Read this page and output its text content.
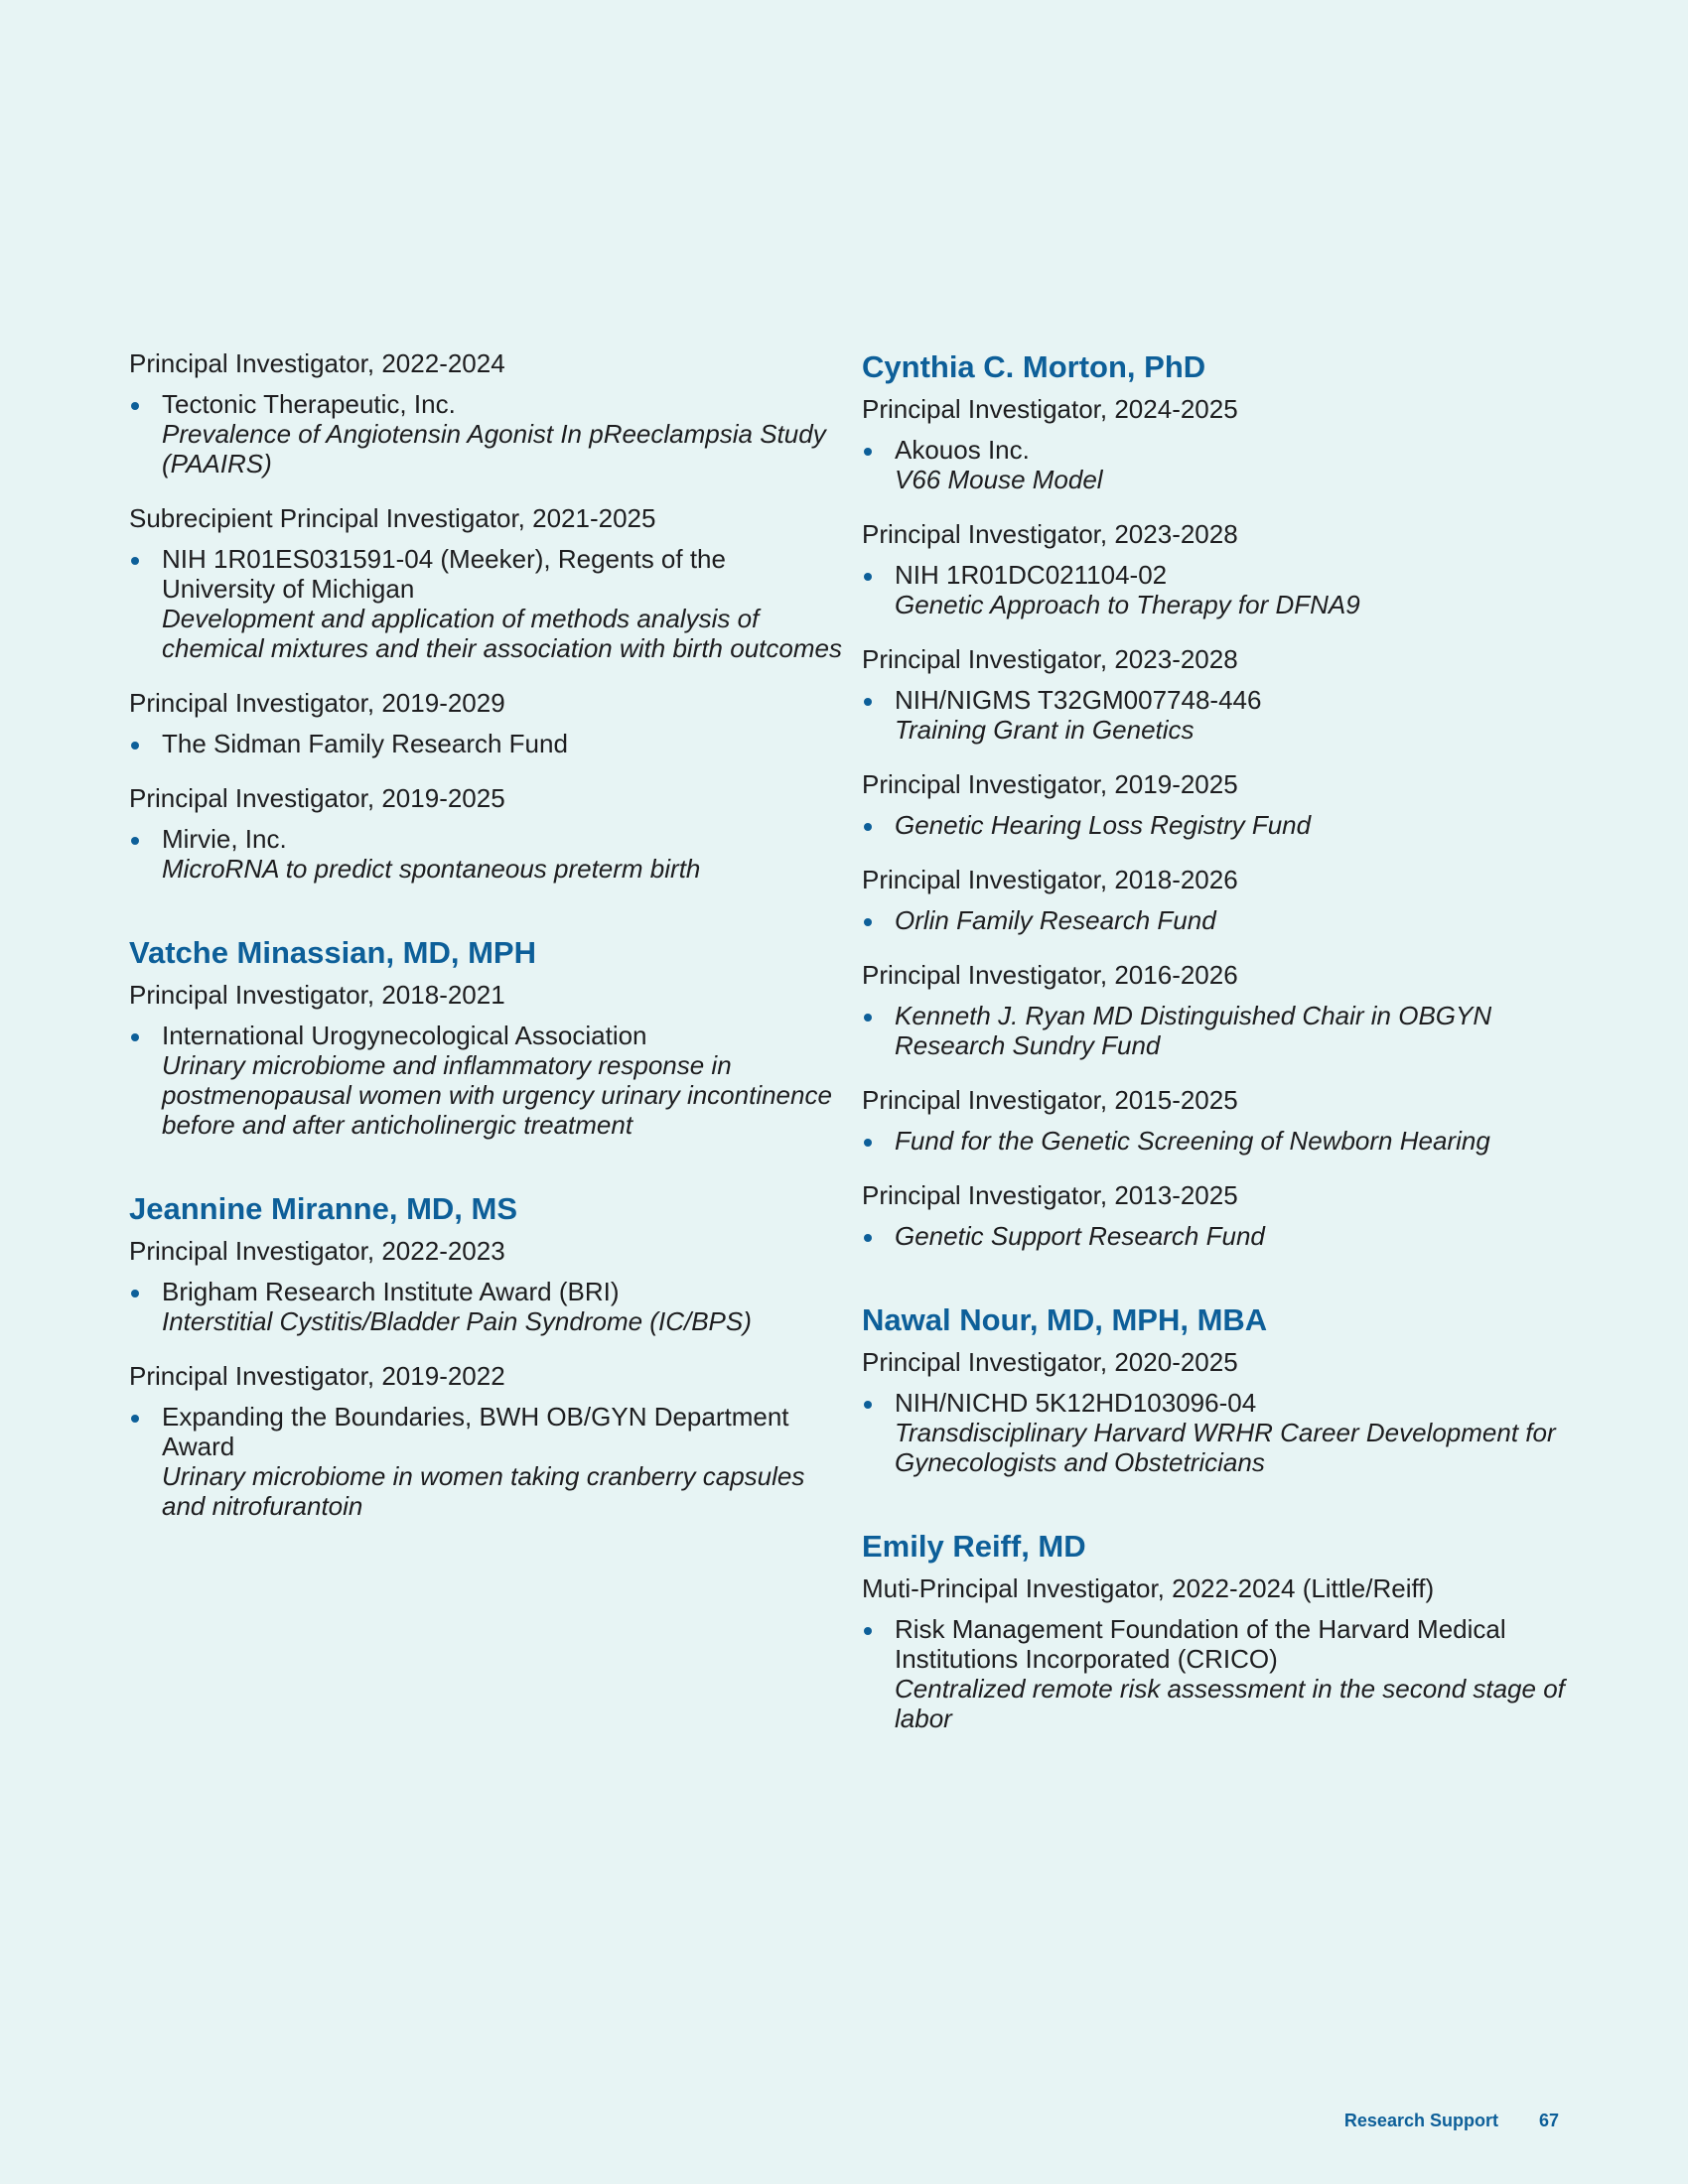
Principal Investigator, 2022-2024
Tectonic Therapeutic, Inc.
Prevalence of Angiotensin Agonist In pReeclampsia Study (PAAIRS)
Subrecipient Principal Investigator, 2021-2025
NIH 1R01ES031591-04 (Meeker), Regents of the University of Michigan
Development and application of methods analysis of chemical mixtures and their association with birth outcomes
Principal Investigator, 2019-2029
The Sidman Family Research Fund
Principal Investigator, 2019-2025
Mirvie, Inc.
MicroRNA to predict spontaneous preterm birth
Vatche Minassian, MD, MPH
Principal Investigator, 2018-2021
International Urogynecological Association
Urinary microbiome and inflammatory response in postmenopausal women with urgency urinary incontinence before and after anticholinergic treatment
Jeannine Miranne, MD, MS
Principal Investigator, 2022-2023
Brigham Research Institute Award (BRI)
Interstitial Cystitis/Bladder Pain Syndrome (IC/BPS)
Principal Investigator, 2019-2022
Expanding the Boundaries, BWH OB/GYN Department Award
Urinary microbiome in women taking cranberry capsules and nitrofurantoin
Cynthia C. Morton, PhD
Principal Investigator, 2024-2025
Akouos Inc.
V66 Mouse Model
Principal Investigator, 2023-2028
NIH 1R01DC021104-02
Genetic Approach to Therapy for DFNA9
Principal Investigator, 2023-2028
NIH/NIGMS T32GM007748-446
Training Grant in Genetics
Principal Investigator, 2019-2025
Genetic Hearing Loss Registry Fund
Principal Investigator, 2018-2026
Orlin Family Research Fund
Principal Investigator, 2016-2026
Kenneth J. Ryan MD Distinguished Chair in OBGYN Research Sundry Fund
Principal Investigator, 2015-2025
Fund for the Genetic Screening of Newborn Hearing
Principal Investigator, 2013-2025
Genetic Support Research Fund
Nawal Nour, MD, MPH, MBA
Principal Investigator, 2020-2025
NIH/NICHD 5K12HD103096-04
Transdisciplinary Harvard WRHR Career Development for Gynecologists and Obstetricians
Emily Reiff, MD
Muti-Principal Investigator, 2022-2024 (Little/Reiff)
Risk Management Foundation of the Harvard Medical Institutions Incorporated (CRICO)
Centralized remote risk assessment in the second stage of labor
Research Support 67
